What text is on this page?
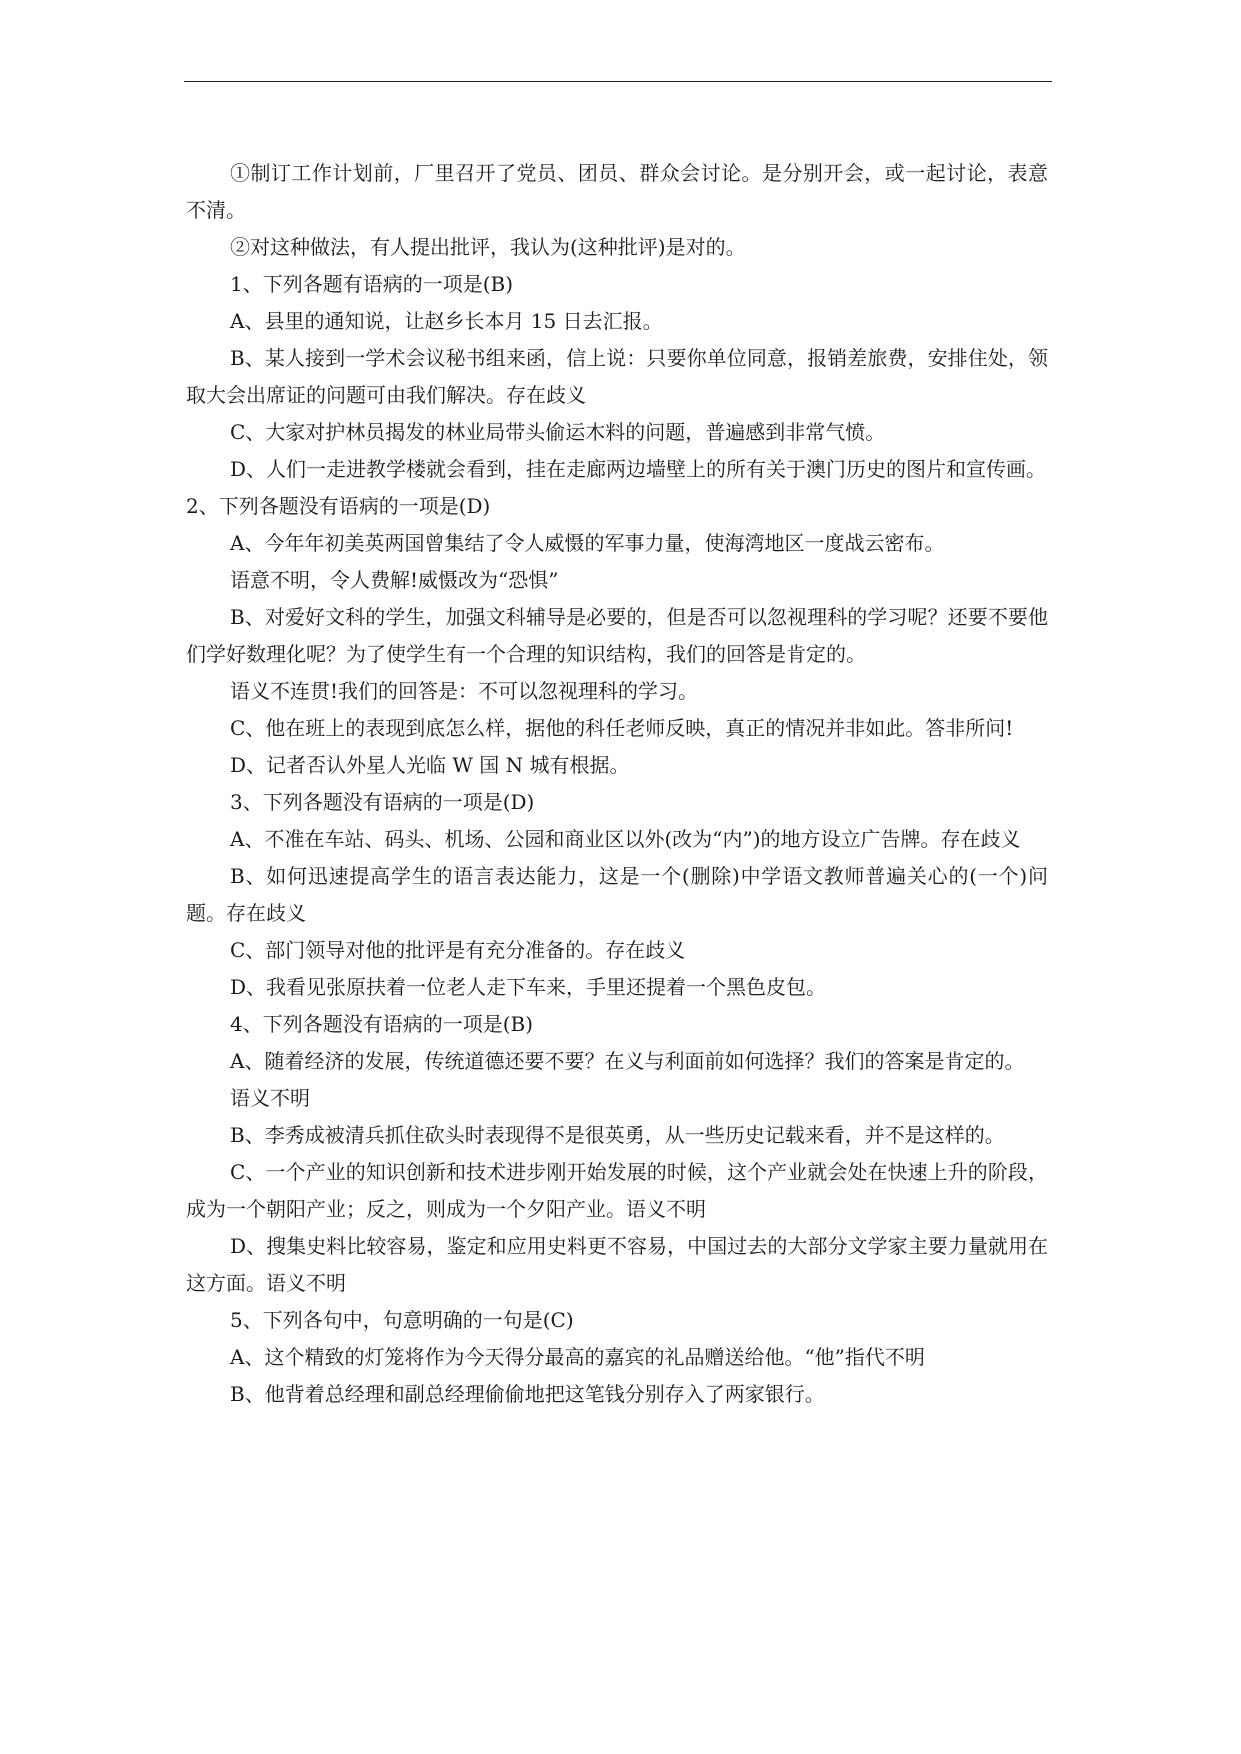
①制订工作计划前，厂里召开了党员、团员、群众会讨论。是分别开会，或一起讨论，表意不清。

②对这种做法，有人提出批评，我认为(这种批评)是对的。

1、下列各题有语病的一项是(B)

A、县里的通知说，让赵乡长本月 15 日去汇报。

B、某人接到一学术会议秘书组来函，信上说：只要你单位同意，报销差旅费，安排住处，领取大会出席证的问题可由我们解决。存在歧义

C、大家对护林员揭发的林业局带头偷运木料的问题，普遍感到非常气愤。

D、人们一走进教学楼就会看到，挂在走廊两边墙壁上的所有关于澳门历史的图片和宣传画。

2、下列各题没有语病的一项是(D)

A、今年年初美英两国曾集结了令人威慑的军事力量，使海湾地区一度战云密布。

语意不明，令人费解!威慑改为“恐惧”

B、对爱好文科的学生，加强文科辅导是必要的，但是否可以忽视理科的学习呢？还要不要他们学好数理化呢？为了使学生有一个合理的知识结构，我们的回答是肯定的。

语义不连贯!我们的回答是：不可以忽视理科的学习。

C、他在班上的表现到底怎么样，据他的科任老师反映，真正的情况并非如此。答非所问!

D、记者否认外星人光临 W 国 N 城有根据。

3、下列各题没有语病的一项是(D)

A、不准在车站、码头、机场、公园和商业区以外(改为“内”)的地方设立广告牌。存在歧义

B、如何迅速提高学生的语言表达能力，这是一个(删除)中学语文教师普遍关心的(一个)问题。存在歧义

C、部门领导对他的批评是有充分准备的。存在歧义

D、我看见张原扶着一位老人走下车来，手里还提着一个黑色皮包。

4、下列各题没有语病的一项是(B)

A、随着经济的发展，传统道德还要不要？在义与利面前如何选择？我们的答案是肯定的。

语义不明

B、李秀成被清兵抓住砍头时表现得不是很英勇，从一些历史记载来看，并不是这样的。

C、一个产业的知识创新和技术进步刚开始发展的时候，这个产业就会处在快速上升的阶段，成为一个朝阳产业；反之，则成为一个夕阳产业。语义不明

D、搜集史料比较容易，鉴定和应用史料更不容易，中国过去的大部分文学家主要力量就用在这方面。语义不明

5、下列各句中，句意明确的一句是(C)

A、这个精致的灯笼将作为今天得分最高的嘉宾的礼品赠送给他。“他”指代不明

B、他背着总经理和副总经理偷偷地把这笔钱分别存入了两家银行。
